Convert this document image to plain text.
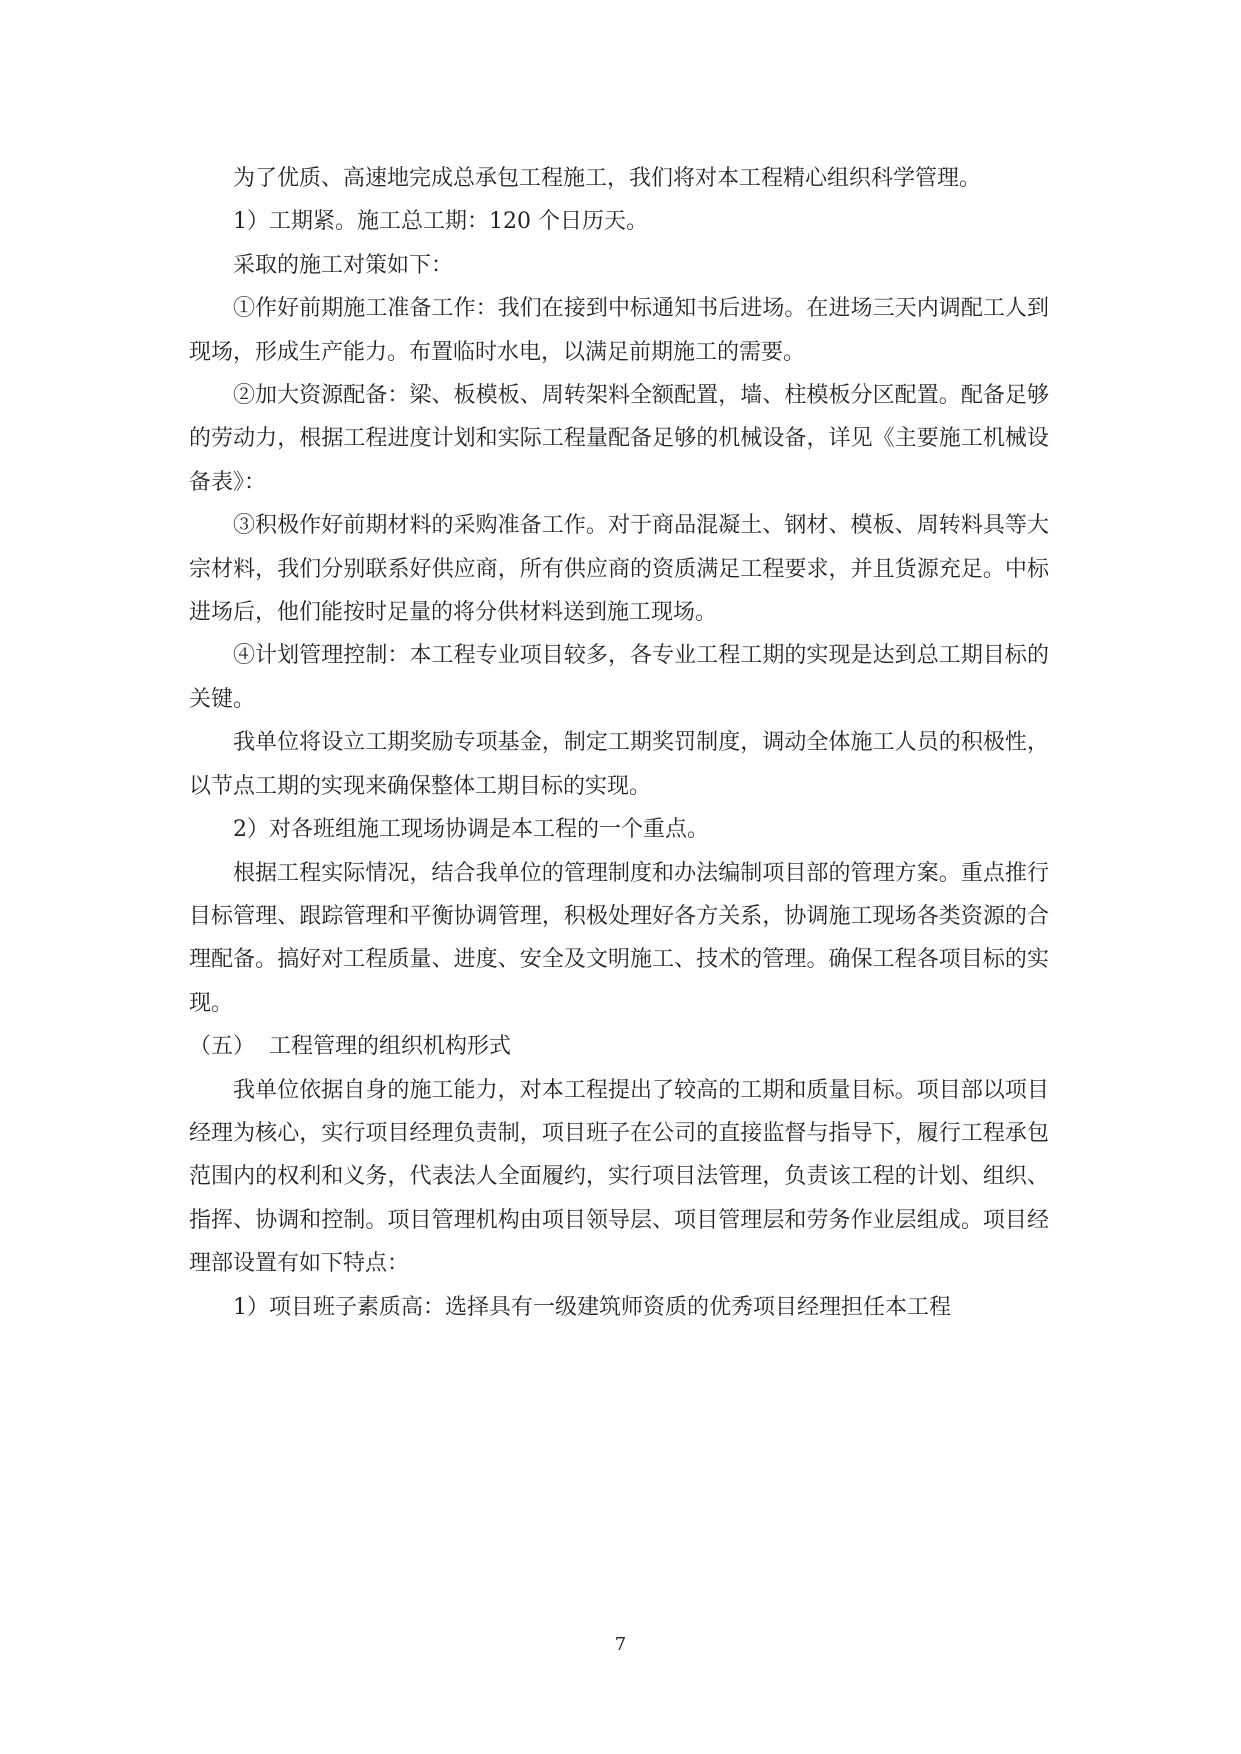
为了优质、高速地完成总承包工程施工，我们将对本工程精心组织科学管理。

1）工期紧。施工总工期：120 个日历天。

采取的施工对策如下：

①作好前期施工准备工作：我们在接到中标通知书后进场。在进场三天内调配工人到现场，形成生产能力。布置临时水电，以满足前期施工的需要。

②加大资源配备：梁、板模板、周转架料全额配置，墙、柱模板分区配置。配备足够的劳动力，根据工程进度计划和实际工程量配备足够的机械设备，详见《主要施工机械设备表》：

③积极作好前期材料的采购准备工作。对于商品混凝土、钢材、模板、周转料具等大宗材料，我们分别联系好供应商，所有供应商的资质满足工程要求，并且货源充足。中标进场后，他们能按时足量的将分供材料送到施工现场。

④计划管理控制：本工程专业项目较多，各专业工程工期的实现是达到总工期目标的关键。

我单位将设立工期奖励专项基金，制定工期奖罚制度，调动全体施工人员的积极性，以节点工期的实现来确保整体工期目标的实现。

2）对各班组施工现场协调是本工程的一个重点。

根据工程实际情况，结合我单位的管理制度和办法编制项目部的管理方案。重点推行目标管理、跟踪管理和平衡协调管理，积极处理好各方关系，协调施工现场各类资源的合理配备。搞好对工程质量、进度、安全及文明施工、技术的管理。确保工程各项目标的实现。

（五） 工程管理的组织机构形式

我单位依据自身的施工能力，对本工程提出了较高的工期和质量目标。项目部以项目经理为核心，实行项目经理负责制，项目班子在公司的直接监督与指导下，履行工程承包范围内的权利和义务，代表法人全面履约，实行项目法管理，负责该工程的计划、组织、指挥、协调和控制。项目管理机构由项目领导层、项目管理层和劳务作业层组成。项目经理部设置有如下特点：

1）项目班子素质高：选择具有一级建筑师资质的优秀项目经理担任本工程

7
